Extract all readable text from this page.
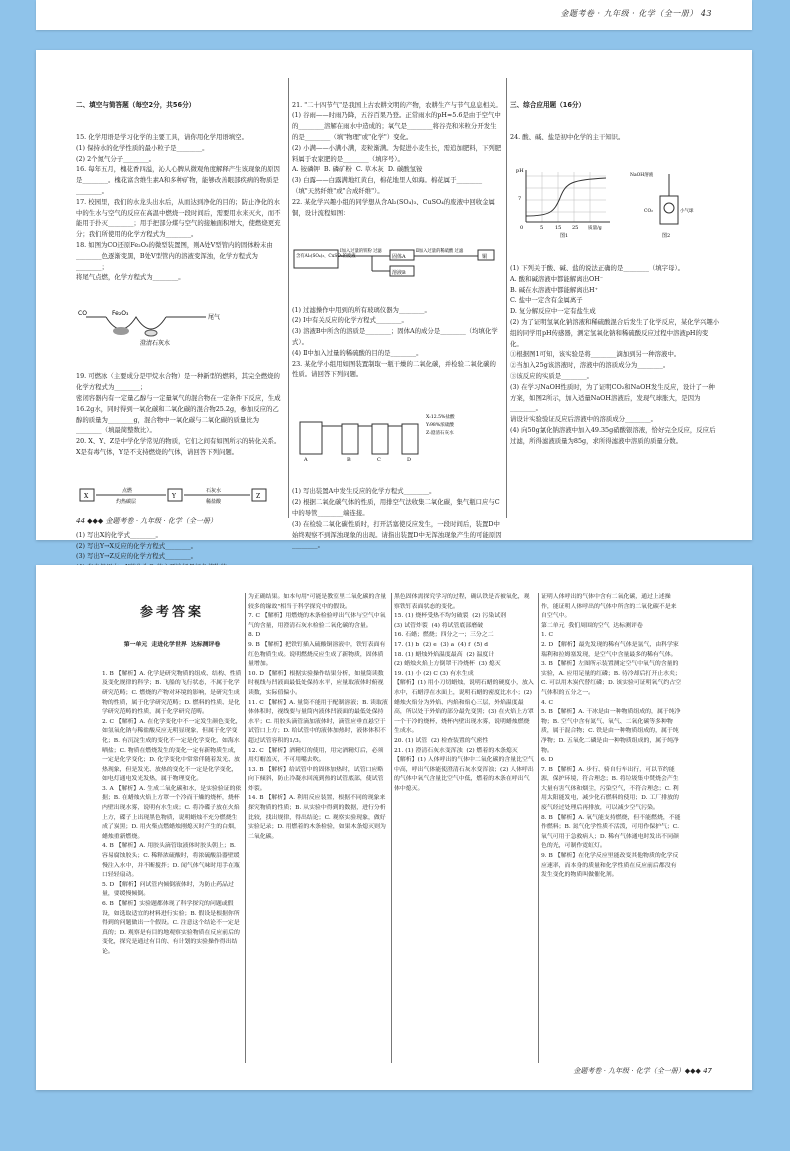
金题考卷 · 九年级 · 化学（全一册） 43

二、填空与简答题（每空2分，共56分）

15. 化学用语是学习化学的主要工具，请你用化学用语填空。
(1) 保持水的化学性质的最小粒子是________。
(2) 2个氮气分子________。
16. 每年五月，槐花香四溢，沁人心脾从微观角度解释产生该现象的原因是________。槐花富含维生素A和多种矿物，能够改善眼部疾病的物质是________。
17. 校园里，我们的水龙头出水后，从而达到净化的目的；防止净化的水中的生水与空气的反应在高温中燃烧一段时间后，需要用水来灭火，而不能用于扑灭________；用手把部分煤与空气的接触面积增大，使燃烧更充分；我们所使用的化学方程式为________。
18. 如图为CO还原Fe₂O₃的微型装置图，则A处V型管内的固体粉末由________色逐渐变黑，B处V型管内的溶液变浑浊，化学方程式为________；
将尾气点燃，化学方程式为________。

CO	Fe₂O₃
尾气
澄清石灰水

19. 可燃冰（主要成分是甲烷水合物）是一种新型的燃料，其完全燃烧的化学方程式为________；
密闭容器内有一定量乙醇与一定量氧气的混合物在一定条件下反应，生成16.2g水，同时得到一氧化碳和二氧化碳的混合物25.2g，参加反应的乙醇的质量为________g，混合物中一氧化碳与二氧化碳的质量比为________（填最简整数比）。
20. X、Y、Z是中学化学常见的物质，它们之间有如图所示的转化关系。X是有毒气体，Y是不支持燃烧的气体，请回答下列问题。

X
点燃
灼热碳层
Y
石灰水
稀盐酸
Z

(1) 写出X的化学式________。
(2) 写出Y→X反应的化学方程式________。
(3) 写出Y→Z反应的化学方程式________。

21. "二十四节气"是我国上古农耕文明的产物，农耕生产与节气息息相关。
(1) 谷雨——时雨乃降，五谷百果乃登。正常雨水的pH≈5.6是由于空气中的________溶解在雨水中造成的；氧气是________将谷壳和米粒分开发生的是________（填"物理"或"化学"）变化。
(2) 小满——小满小满，麦粒渐满。为促进小麦生长，需追加肥料，下列肥料属于农家肥的是________（填序号）。
A. 铵磷钾  B. 磷矿粉  C. 草木灰  D. 碳酸氢铵
(3) 白露——白露满地红黄白，棉花地里人如海。棉花属于________（填"天然纤维"或"合成纤维"）。
22. 某化学兴趣小组的同学想从含Al₂(SO₄)₃、CuSO₄的废液中回收金属铜，设计流程如图：

含有Al₂(SO₄)₃、CuSO₄的废液
Ⅰ加入过量的铁粉 过滤
固体A
Ⅱ加入过量的稀硫酸 过滤
铜
溶液B

(1) 过滤操作中用到的所有玻璃仪器为________。
(2) Ⅰ中有关反应的化学方程式________。
(3) 溶液B中所含的溶质是________；固体A的成分是________（均填化学式）。
(4) Ⅱ中加入过量的稀硫酸的目的是________。
23. 某化学小组用如图装置制取一瓶干燥的二氧化碳，并检验二氧化碳的性质。请回答下列问题。

A	B	C	D
X:12.5%盐酸
Y:98%浓硫酸
Z:澄清石灰水

(1) 写出装置A中发生反应的化学方程式________。
(2) 根据二氧化碳气体的性质，用排空气法收集二氧化碳，集气瓶口应与C中的导管________端连接。
(3) 在检验二氧化碳性质时，打开活塞使反应发生，一段时间后，装置D中始终观察不到浑浊现象的出现。请指出装置D中无浑浊现象产生的可能原因________。

三、综合应用题（16分）

24. 酸、碱、盐是初中化学的主干知识。

pH
7
0	5 15 25 质量/g
图1
NaOH溶液
CO₂	小气球
图2

(1) 下列关于酸、碱、盐的说法正确的是________（填字母）。
A. 酸和碱溶液中都能解离出OH⁻
B. 碱在水溶液中都能解离出H⁺
C. 盐中一定含有金属离子
D. 复分解反应中一定有盐生成
(2) 为了证明氢氧化钠溶液和稀硫酸混合后发生了化学反应，某化学兴趣小组的同学用pH传感器，测定氢氧化钠和稀硫酸反应过程中溶液pH的变化。
①根据图1可知，该实验是将________滴加到另一种溶液中。
②当加入25g该溶液时，溶液中的溶质成分为________。
③该反应的实质是________。
(3) 在学习NaOH性质时，为了证明CO₂和NaOH发生反应，设计了一种方案，如图2所示，加入适量NaOH溶液后，发现气球胀大，是因为________。
请设计实验验证反应后溶液中的溶质成分________。
(4) 向50g氯化钠溶液中加入49.35g硝酸银溶液，恰好完全反应，反应后过滤，所得滤液质量为85g，求所得滤液中溶质的质量分数。

44 ◆◆◆ 金题考卷 · 九年级 · 化学（全一册）

参考答案

第一单元  走进化学世界  达标测评卷

1. B 【解析】A. 化学是研究物质的组成、结构、性质及变化规律的科学；B. 飞船的飞行状态，不属于化学研究范畴；C. 燃烧的产物对环境的影响，是研究生成物的性质，属于化学研究范畴；D. 燃料的性质、是化学研究范畴的性质，属于化学研究范畴。
2. C 【解析】A. 在化学变化中不一定发生颜色变化，如氢氧化钠与稀盐酸反应无明显现象，但属于化学变化；B. 有沉淀生成的变化不一定是化学变化，如海水晒盐；C. 物质在燃烧发生的变化一定有新物质生成，一定是化学变化；D. 化学变化中常常伴随着发光、放热现象，但是发光、放热的变化不一定是化学变化，如电灯通电发光发热，属于物理变化。
3. A 【解析】A. 生成二氧化碳和水，是实验验证的依据；B. 在蜡烛火焰上方罩一个冷而干燥的烧杯，烧杯内壁出现水雾，说明有水生成；C. 将冷碟子放在火焰上方，碟子上出现黑色物质，说明蜡烛不充分燃烧生成了炭黑；D. 用火柴点燃蜡烛刚熄灭时产生的白烟，蜡烛重新燃烧。
4. B 【解析】A. 用胶头滴管取液体时胶头朝上；B. 容易腐蚀胶头；C. 稀释浓硫酸时，将浓硫酸沿器壁缓慢注入水中，并不断搅拌；D. 闻气体气味时用手在瓶口轻轻扇动。
5. D 【解析】问试管内倾倒液体时，为防止药品过量，要缓慢倾倒。
6. B 【解析】实验题都体现了科学探究的问题或假设，如选取适宜的材料进行实验；B. 假设是根据你所得到的问题做出一个假设。C. 注意这个结论不一定是真的；D. 观察是有目的地观察实验物质在反应前后的变化，探究是通过有目的、有计划的实验操作得出结论。

为正确结果。如本句用"可能是教室里二氧化碳的含量较多的缘故"相当于科学探究中的假设。
7. C 【解析】用燃烧的木条检验呼出气体与空气中氧气的含量，用澄清石灰水检验二氧化碳的含量。
8. D
9. B 【解析】把铁钉插入硫酸铜溶液中，铁钉表面有红色物质生成。说明燃烧反应生成了新物质，固体质量增加。
10. D 【解析】根据实验操作结果分析，如量筒读数时视线与凹液面最低处保持水平，应量取液体时俯视读数，实际值偏小。
11. C 【解析】A. 量筒不能用于配制溶液；B. 读取液体体积时，视线要与量筒内液体凹液面的最低处保持水平；C. 用胶头滴管滴加液体时，滴管应垂直悬空于试管口上方；D. 给试管中的液体加热时，液体体积不超过试管容积的1/3。
12. C 【解析】酒精灯的使用，用完酒精灯后，必须用灯帽盖灭，不可用嘴去吹。
13. B 【解析】给试管中的固体加热时，试管口应略向下倾斜，防止冷凝水回流到热的试管底部，使试管炸裂。
14. B 【解析】A. 利用反应装置，根据不同的现象来探究物质的性质；B. 从实验中得到的数据，进行分析比较，找出规律，得出结论；C. 观察实验现象，做好实验记录；D. 用燃着的木条检验，如果木条熄灭则为二氧化碳。
黑色固体需探究学习的过程，确认铁是否被氧化，观察铁钉表面状态的变化。
15. (1) 烧杯受热不均匀破裂  (2) 污染试剂
(3) 试管炸裂  (4) 将试管底部磨破
16. 石蜡；燃烧；四分之一；三分之二
17. (1) b  (2) e  (3) a  (4) f  (5) d
18. (1) 蜡烛外焰温度最高  (2) 温度计
(2) 蜡烛火焰上方倒罩干冷烧杯  (3) 熄灭
19. (1) 小 (2) C (3) 有水生成
【解析】(1) 用小刀切蜡烛，说明石蜡的硬度小，放入水中，石蜡浮在水面上，说明石蜡的密度比水小；(2) 蜡烛火焰分为外焰、内焰和焰心三层，外焰温度最高，所以处于外焰的部分最先变黑；(3) 在火焰上方罩一个干冷的烧杯，烧杯内壁出现水雾，说明蜡烛燃烧生成水。
20. (1) 试管  (2) 检查装置的气密性
21. (1) 澄清石灰水变浑浊  (2) 燃着的木条熄灭
【解析】(1) 人体呼出的气体中二氧化碳的含量比空气中高，呼出气体能使澄清石灰水变浑浊；(2) 人体呼出的气体中氧气含量比空气中低，燃着的木条在呼出气体中熄灭。
证明人体呼出的气体中含有二氧化碳，通过上述操作，能证明人体呼出的气体中所含的二氧化碳不是来自空气中。
第二单元  我们周围的空气  达标测评卷
1. C
2. D 【解析】最先发现的稀有气体是氩气，由科学家瑞利和拉姆塞发现，是空气中含量最多的稀有气体。
3. B 【解析】左图所示装置测定空气中氧气的含量的实验，A. 应用足量的红磷；B. 待冷却后打开止水夹；C. 可以用木炭代替红磷；D. 该实验可证明氧气约占空气体积的五分之一。
4. C
5. B 【解析】A. 干冰是由一种物质组成的，属于纯净物；B. 空气中含有氮气、氧气、二氧化碳等多种物质，属于混合物；C. 铁是由一种物质组成的，属于纯净物；D. 五氧化二磷是由一种物质组成的，属于纯净物。
6. D
7. B 【解析】A. 步行、骑自行车出行，可以节约能源，保护环境，符合理念；B. 将垃圾集中焚烧会产生大量有害气体和烟尘，污染空气，不符合理念；C. 利用太阳能发电，减少化石燃料的使用；D. 工厂排放的废气经过处理后再排放，可以减少空气污染。
8. B 【解析】A. 氧气能支持燃烧，但不能燃烧，不能作燃料；B. 氮气化学性质不活泼，可用作保护气；C. 氧气可用于急救病人；D. 稀有气体通电时发出不同颜色的光，可制作霓虹灯。
9. B 【解析】在化学反应里能改变其他物质的化学反应速率，而本身的质量和化学性质在反应前后都没有发生变化的物质叫做催化剂。
金题考卷 · 九年级 · 化学（全一册）◆◆◆ 47
